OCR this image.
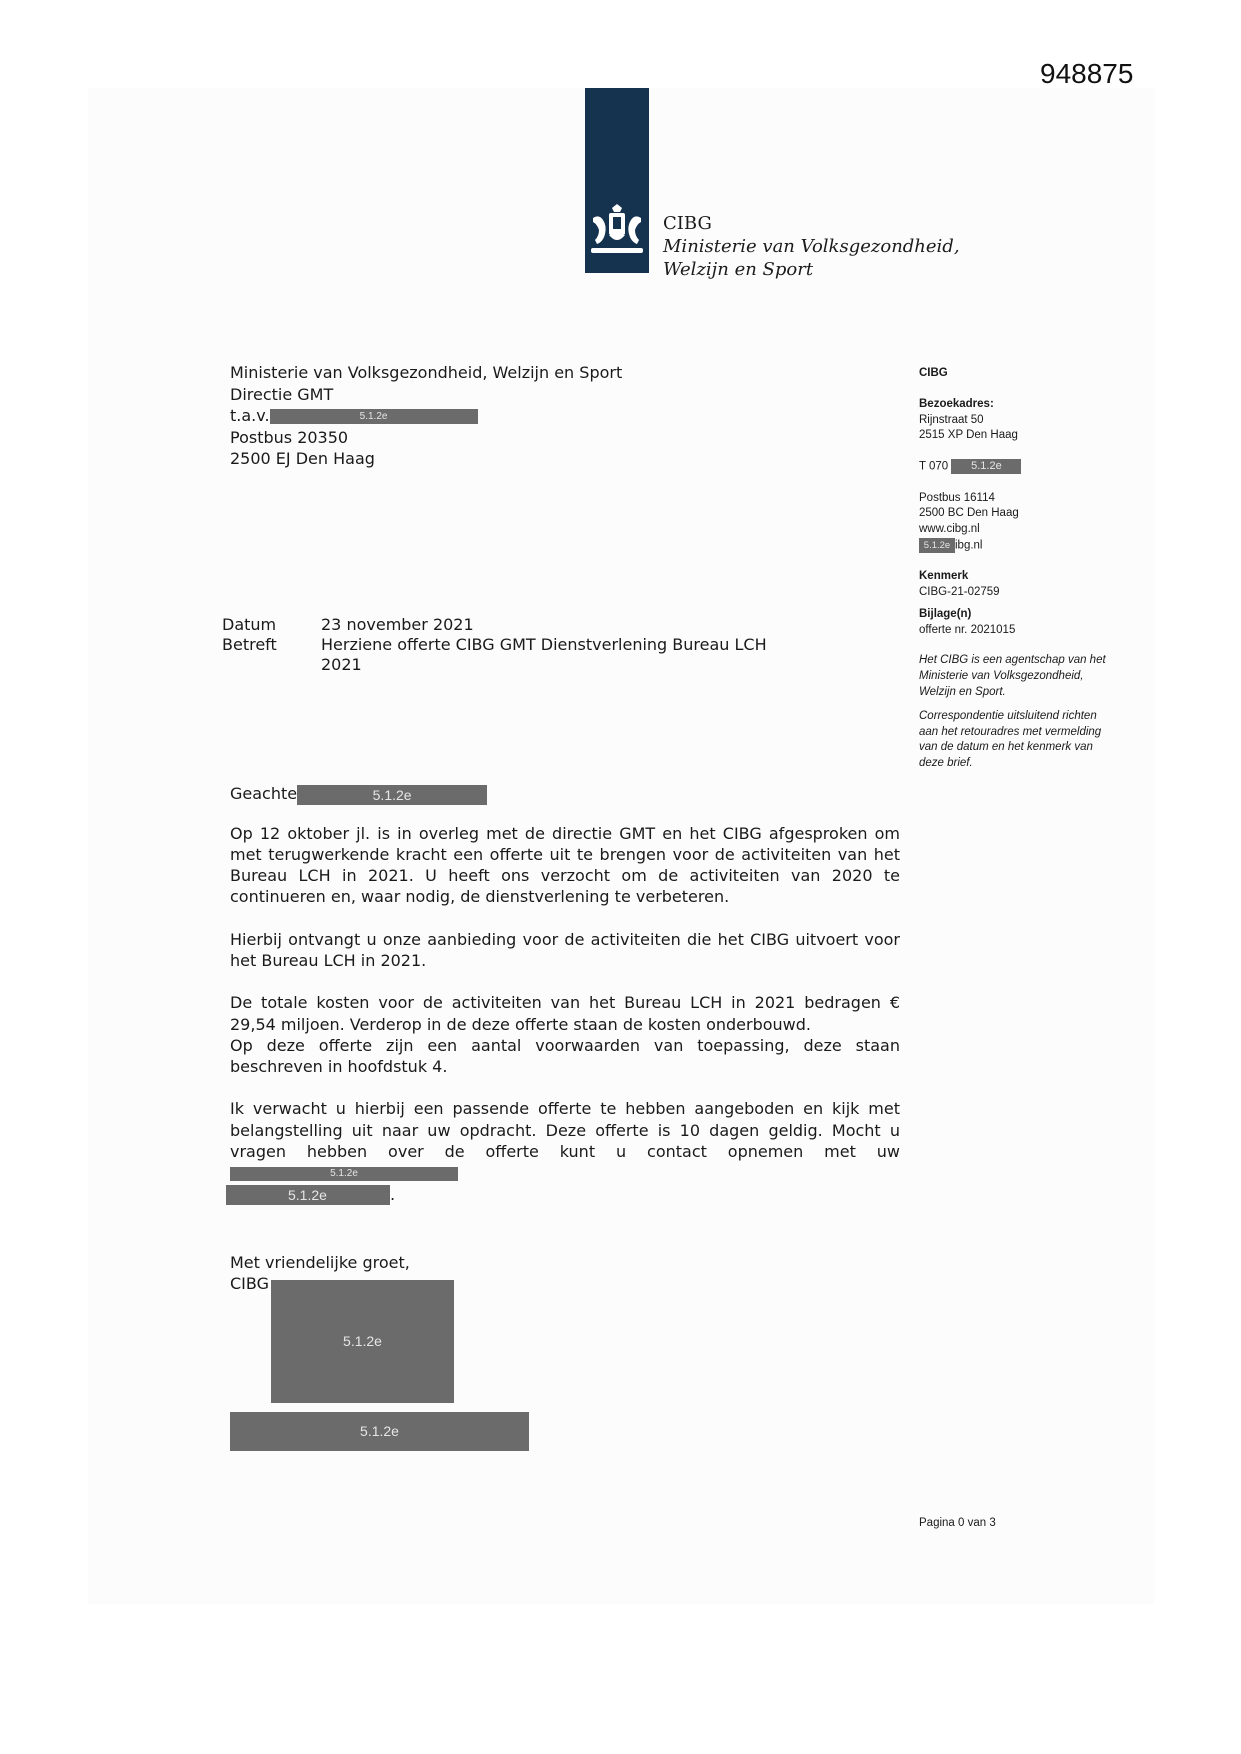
948875
CIBG
Ministerie van Volksgezondheid,
Welzijn en Sport
Ministerie van Volksgezondheid, Welzijn en Sport
Directie GMT
t.a.v.	5.1.2e
Postbus 20350
2500 EJ Den Haag

CIBG

Bezoekadres:

Rijnstraat 50

2515 XP Den Haag

T 070 5.1.2e

Postbus 16114

2500 BC Den Haag

www.cibg.nl

5.1.2e ibg.nl

Kenmerk

CIBG-21-02759

Bijlage(n)

offerte nr. 2021015

Het CIBG is een agentschap van het Ministerie van Volksgezondheid, Welzijn en Sport.

Correspondentie uitsluitend richten aan het retouradres met vermelding van de datum en het kenmerk van deze brief.

Datum	23 november 2021
Betreft	Herziene offerte CIBG GMT Dienstverlening Bureau LCH
2021

Geachte	5.1.2e

Op 12 oktober jl. is in overleg met de directie GMT en het CIBG afgesproken om met terugwerkende kracht een offerte uit te brengen voor de activiteiten van het Bureau LCH in 2021. U heeft ons verzocht om de activiteiten van 2020 te continueren en, waar nodig, de dienstverlening te verbeteren.

Hierbij ontvangt u onze aanbieding voor de activiteiten die het CIBG uitvoert voor het Bureau LCH in 2021.

De totale kosten voor de activiteiten van het Bureau LCH in 2021 bedragen € 29,54 miljoen. Verderop in de deze offerte staan de kosten onderbouwd.

Op deze offerte zijn een aantal voorwaarden van toepassing, deze staan beschreven in hoofdstuk 4.

Ik verwacht u hierbij een passende offerte te hebben aangeboden en kijk met belangstelling uit naar uw opdracht. Deze offerte is 10 dagen geldig. Mocht u vragen hebben over de offerte kunt u contact opnemen met uw5.1.2e

5.1.2e	.
Met vriendelijke groet,
CIBG
5.1.2e
5.1.2e
Pagina 0 van 3
